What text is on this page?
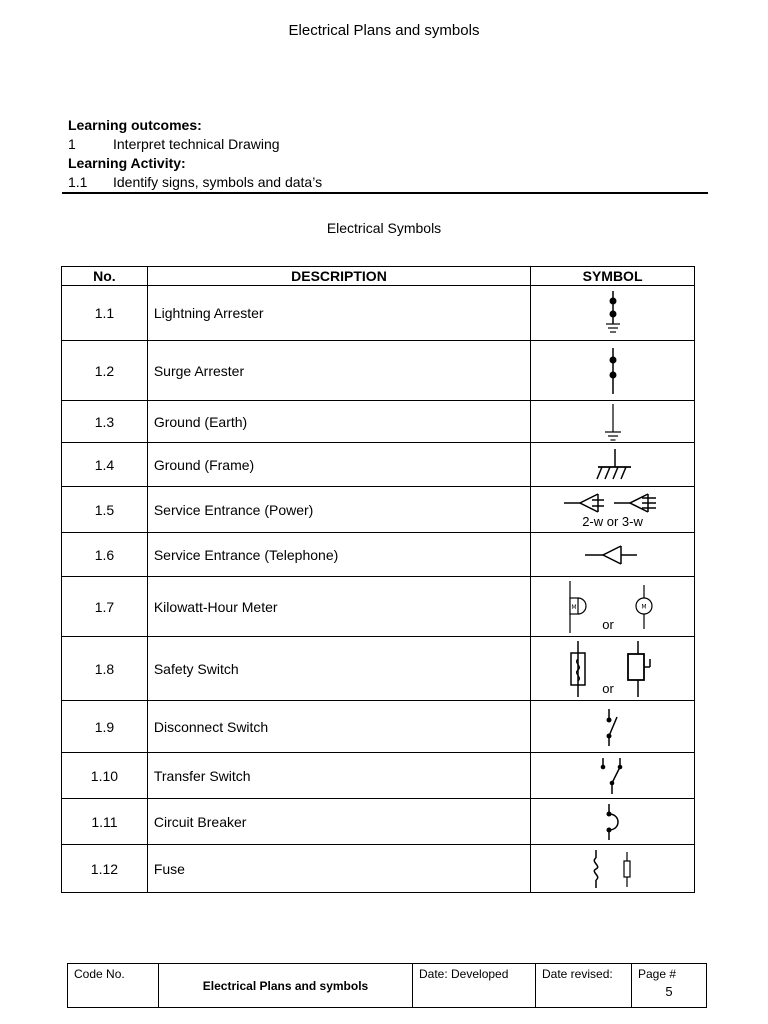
Electrical Plans and symbols
Learning outcomes:
1	Interpret technical Drawing
Learning Activity:
1.1 Identify signs, symbols and data’s
Electrical Symbols
No.	DESCRIPTION	SYMBOL
1.1	Lightning Arrester	

1.2	Surge Arrester	

1.3	Ground (Earth)	

1.4	Ground (Frame)	

1.5	Service Entrance (Power)	2-w or 3-w

1.6	Service Entrance (Telephone)	

1.7	Kilowatt-Hour Meter	M M
or

1.8	Safety Switch	or

1.9	Disconnect Switch	

1.10	Transfer Switch	

1.11	Circuit Breaker	

1.12	Fuse	
Code No.	Electrical Plans and symbols	Date: Developed	Date revised:	Page #
5
